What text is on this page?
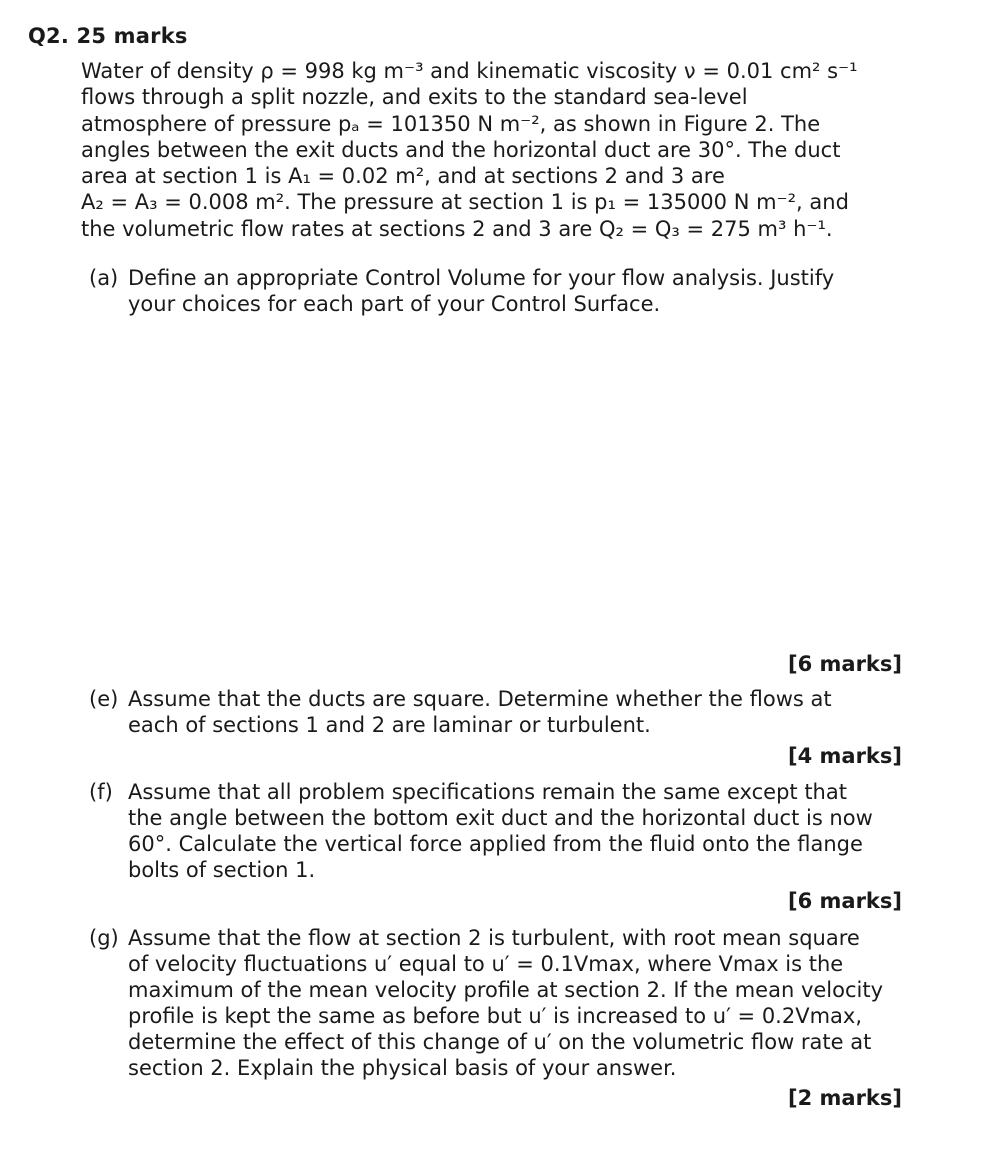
Q2. 25 marks

Water of density ρ = 998 kg m⁻³ and kinematic viscosity ν = 0.01 cm² s⁻¹

flows through a split nozzle, and exits to the standard sea-level

atmosphere of pressure pₐ = 101350 N m⁻², as shown in Figure 2. The

angles between the exit ducts and the horizontal duct are 30°. The duct

area at section 1 is A₁ = 0.02 m², and at sections 2 and 3 are

A₂ = A₃ = 0.008 m². The pressure at section 1 is p₁ = 135000 N m⁻², and

the volumetric flow rates at sections 2 and 3 are Q₂ = Q₃ = 275 m³ h⁻¹.

(a) Define an appropriate Control Volume for your flow analysis. Justify

your choices for each part of your Control Surface.

[6 marks]

(e) Assume that the ducts are square. Determine whether the flows at

each of sections 1 and 2 are laminar or turbulent.

[4 marks]

(f) Assume that all problem specifications remain the same except that

the angle between the bottom exit duct and the horizontal duct is now

60°. Calculate the vertical force applied from the fluid onto the flange

bolts of section 1.

[6 marks]

(g) Assume that the flow at section 2 is turbulent, with root mean square

of velocity fluctuations u′ equal to u′ = 0.1Vmax, where Vmax is the

maximum of the mean velocity profile at section 2. If the mean velocity

profile is kept the same as before but u′ is increased to u′ = 0.2Vmax,

determine the effect of this change of u′ on the volumetric flow rate at

section 2. Explain the physical basis of your answer.

[2 marks]
